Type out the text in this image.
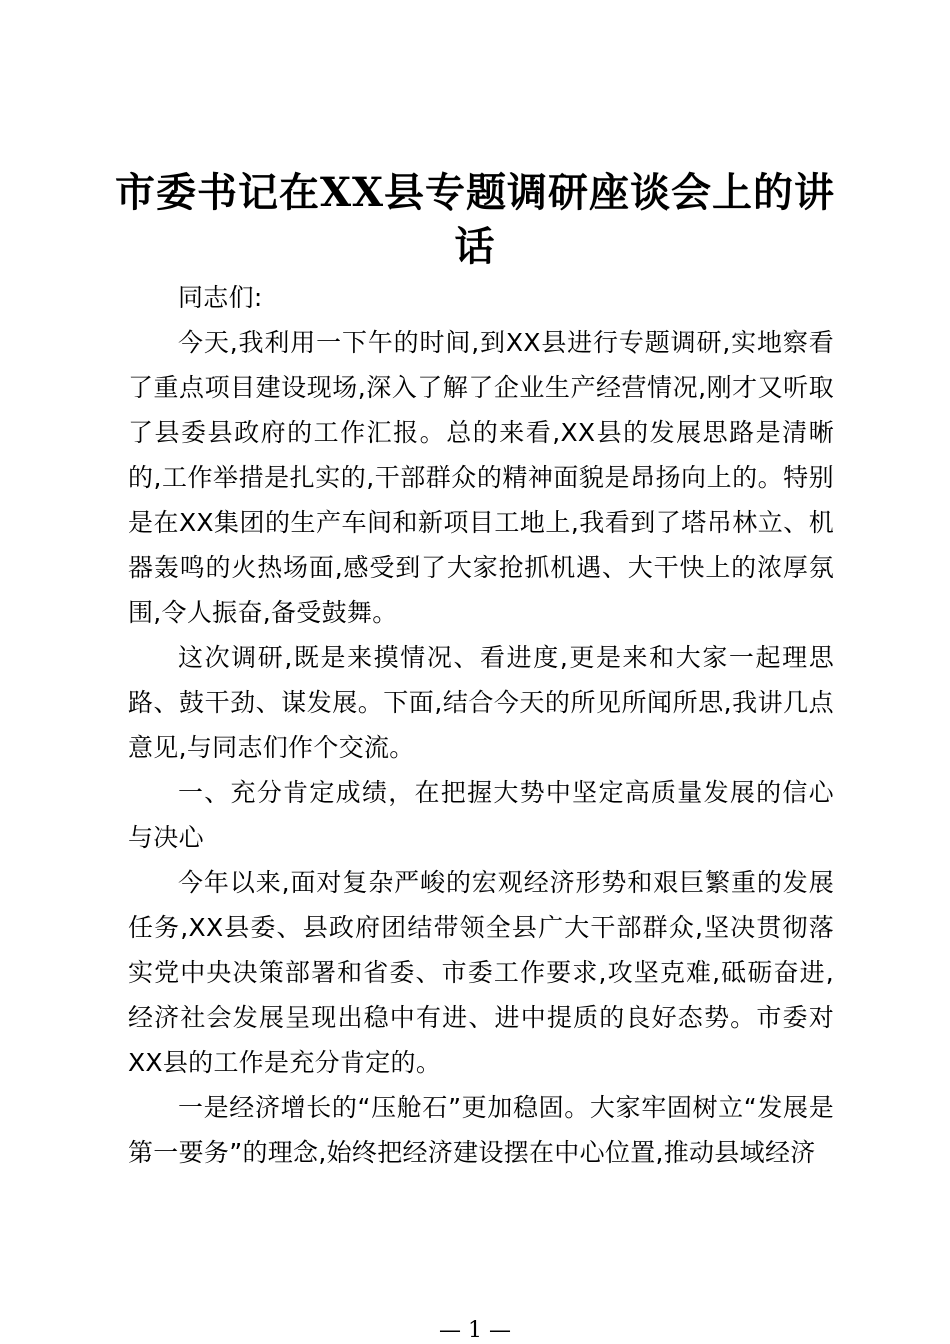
市委书记在XX县专题调研座谈会上的讲话

同志们:

今天,我利用一下午的时间,到XX县进行专题调研,实地察看了重点项目建设现场,深入了解了企业生产经营情况,刚才又听取了县委县政府的工作汇报。总的来看,XX县的发展思路是清晰的,工作举措是扎实的,干部群众的精神面貌是昂扬向上的。特别是在XX集团的生产车间和新项目工地上,我看到了塔吊林立、机器轰鸣的火热场面,感受到了大家抢抓机遇、大干快上的浓厚氛围,令人振奋,备受鼓舞。

这次调研,既是来摸情况、看进度,更是来和大家一起理思路、鼓干劲、谋发展。下面,结合今天的所见所闻所思,我讲几点意见,与同志们作个交流。

一、充分肯定成绩，在把握大势中坚定高质量发展的信心与决心

今年以来,面对复杂严峻的宏观经济形势和艰巨繁重的发展任务,XX县委、县政府团结带领全县广大干部群众,坚决贯彻落实党中央决策部署和省委、市委工作要求,攻坚克难,砥砺奋进,经济社会发展呈现出稳中有进、进中提质的良好态势。市委对XX县的工作是充分肯定的。

一是经济增长的“压舱石”更加稳固。大家牢固树立“发展是第一要务”的理念,始终把经济建设摆在中心位置,推动县域经济

— 1 —
